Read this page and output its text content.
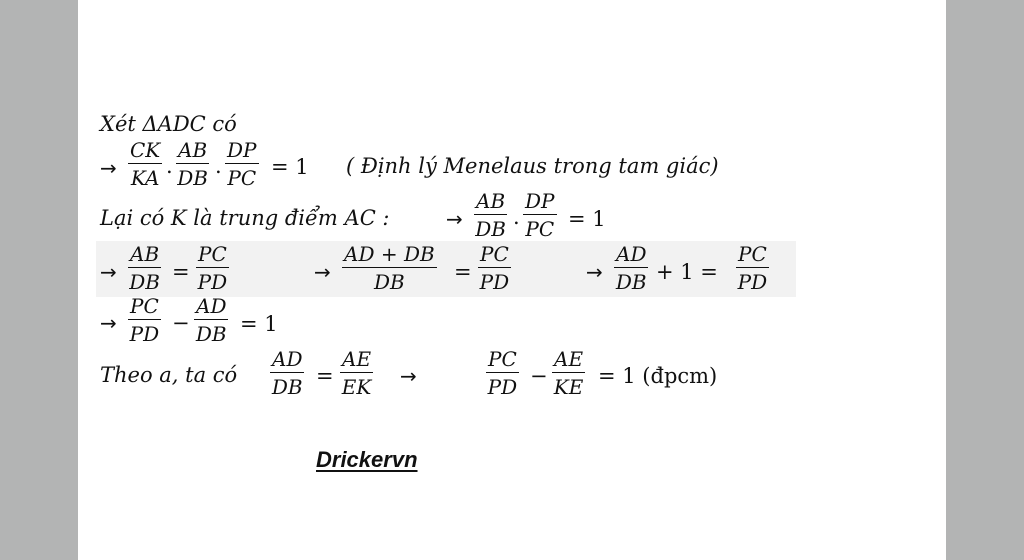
Xét ΔADC có
→ $\frac{CK}{KA}$ . $\frac{AB}{DB}$ . $\frac{DP}{PC} = 1$ ( Định lý Menelaus trong tam giác)
Lại có K là trung điểm AC :	→ $\frac{AB}{DB}$ . $\frac{DP}{PC} = 1$
→ $\frac{AB}{DB} = \frac{PC}{PD}$	→ $\frac{AD + DB}{DB} = \frac{PC}{PD}$	→ $\frac{AD}{DB} + 1 = \frac{PC}{PD}$
→ $\frac{PC}{PD} - \frac{AD}{DB} = 1$
Theo a, ta có $\frac{AD}{DB} = \frac{AE}{EK}$ →	$\frac{PC}{PD} - \frac{AE}{KE} = 1$ (đpcm)
Drickervn
